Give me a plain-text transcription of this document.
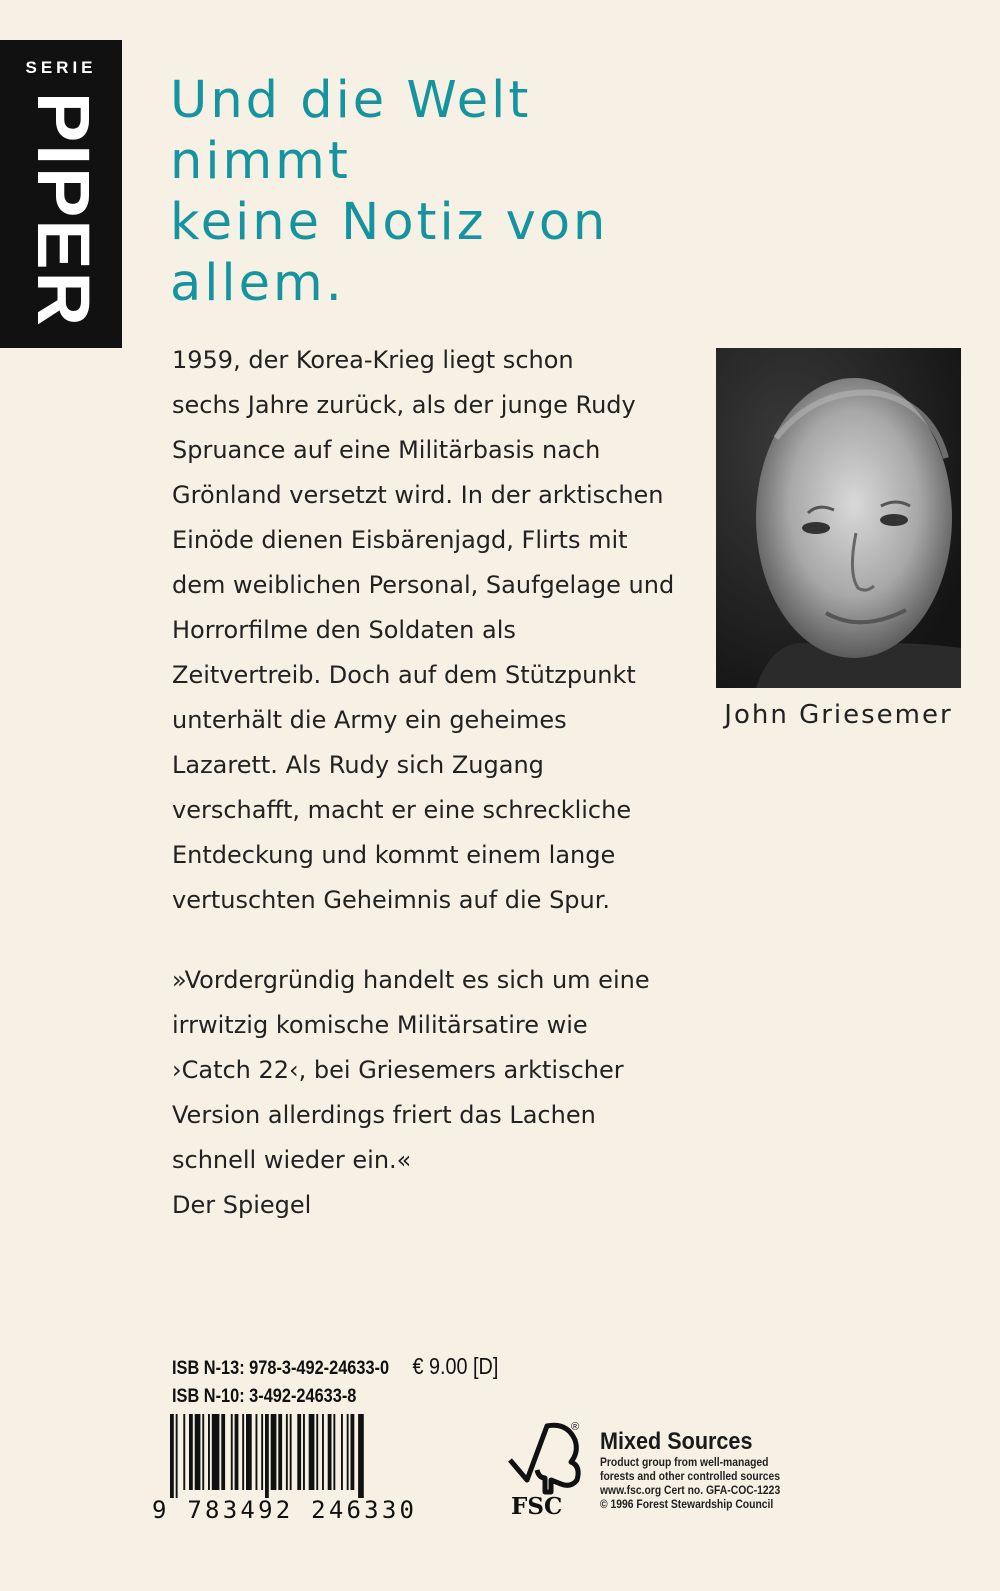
SERIE
PIPER Und die Welt nimmt
keine Notiz von
allem.

1959, der Korea-Krieg liegt schon
sechs Jahre zurück, als der junge Rudy
Spruance auf eine Militärbasis nach
Grönland versetzt wird. In der arktischen
Einöde dienen Eisbärenjagd, Flirts mit
dem weiblichen Personal, Saufgelage und
Horrorfilme den Soldaten als
Zeitvertreib. Doch auf dem Stützpunkt
unterhält die Army ein geheimes
Lazarett. Als Rudy sich Zugang
verschafft, macht er eine schreckliche
Entdeckung und kommt einem lange
vertuschten Geheimnis auf die Spur.

»Vordergründig handelt es sich um eine
irrwitzig komische Militärsatire wie
›Catch 22‹, bei Griesemers arktischer
Version allerdings friert das Lachen
schnell wieder ein.«

Der Spiegel

John Griesemer
ISB N-13: 978-3-492-24633-0 € 9.00 [D]
ISB N-10: 3-492-24633-8
9 783492 246330	FSC
®
Mixed Sources
Product group from well-managed
forests and other controlled sources
www.fsc.org Cert no. GFA-COC-1223
© 1996 Forest Stewardship Council
